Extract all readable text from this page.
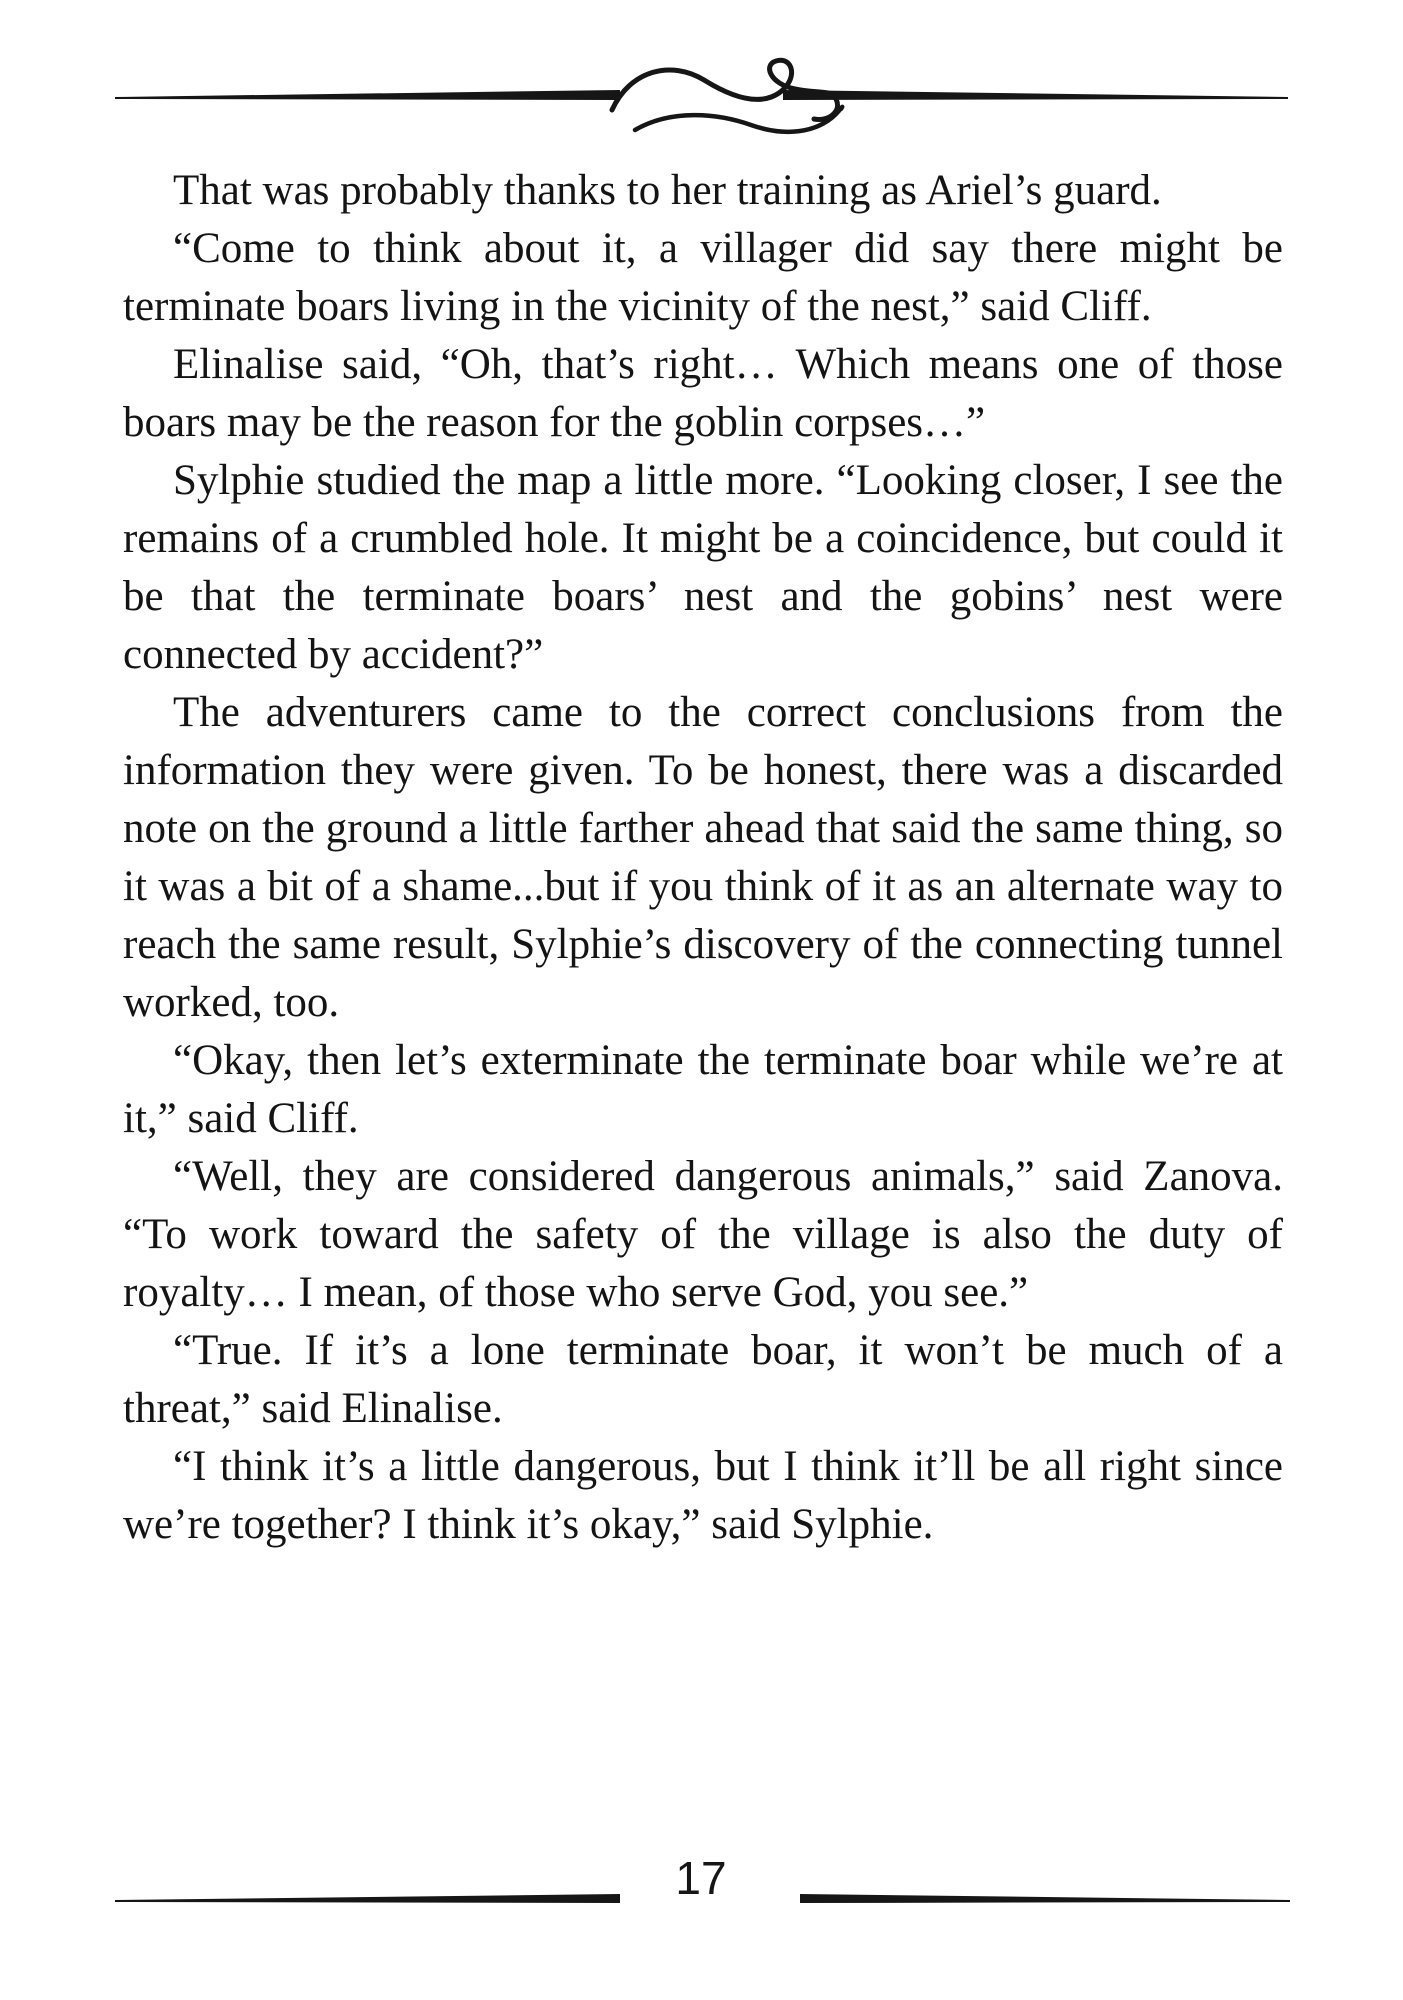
That was probably thanks to her training as Ariel’s guard.

“Come to think about it, a villager did say there might be terminate boars living in the vicinity of the nest,” said Cliff.

Elinalise said, “Oh, that’s right… Which means one of those boars may be the reason for the goblin corpses…”

Sylphie studied the map a little more. “Looking closer, I see the remains of a crumbled hole. It might be a coincidence, but could it be that the terminate boars’ nest and the gobins’ nest were connected by accident?”

The adventurers came to the correct conclusions from the information they were given. To be honest, there was a discarded note on the ground a little farther ahead that said the same thing, so it was a bit of a shame...but if you think of it as an alternate way to reach the same result, Sylphie’s discovery of the connecting tunnel worked, too.

“Okay, then let’s exterminate the terminate boar while we’re at it,” said Cliff.

“Well, they are considered dangerous animals,” said Zanova. “To work toward the safety of the village is also the duty of royalty… I mean, of those who serve God, you see.”

“True. If it’s a lone terminate boar, it won’t be much of a threat,” said Elinalise.

“I think it’s a little dangerous, but I think it’ll be all right since we’re together? I think it’s okay,” said Sylphie.

17
